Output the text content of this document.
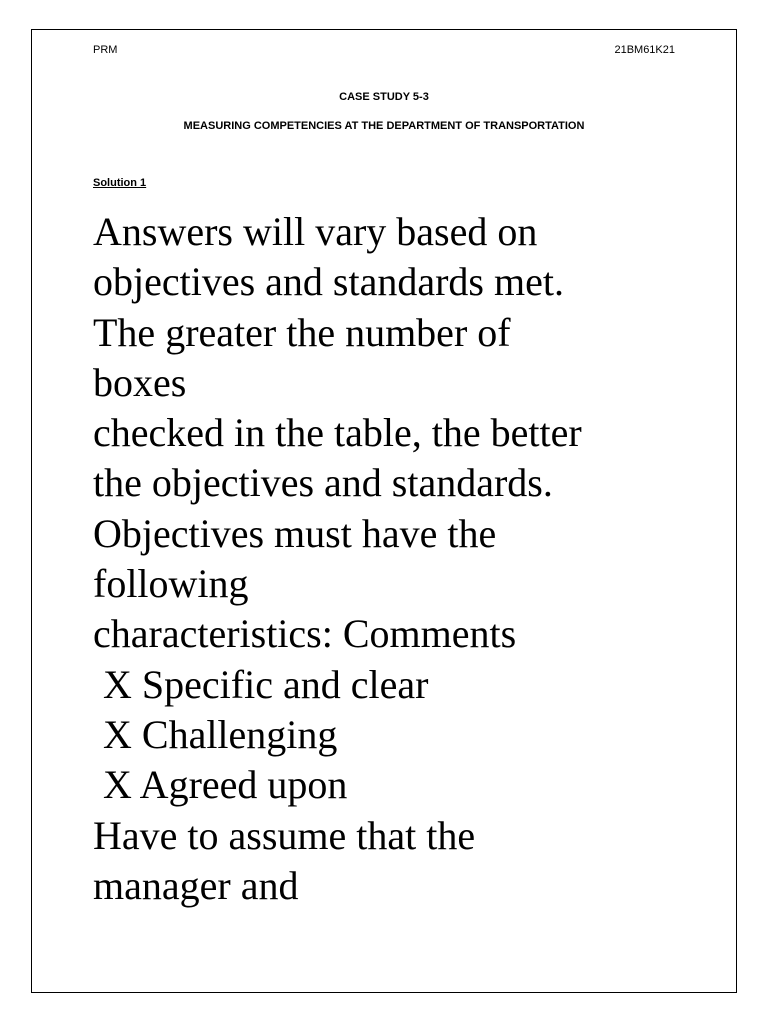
PRM	21BM61K21
CASE STUDY 5-3
MEASURING COMPETENCIES AT THE DEPARTMENT OF TRANSPORTATION
Solution 1
Answers will vary based on
objectives and standards met.
The greater the number of
boxes
checked in the table, the better
the objectives and standards.
Objectives must have the
following
characteristics: Comments
X Specific and clear
X Challenging
X Agreed upon
Have to assume that the
manager and
